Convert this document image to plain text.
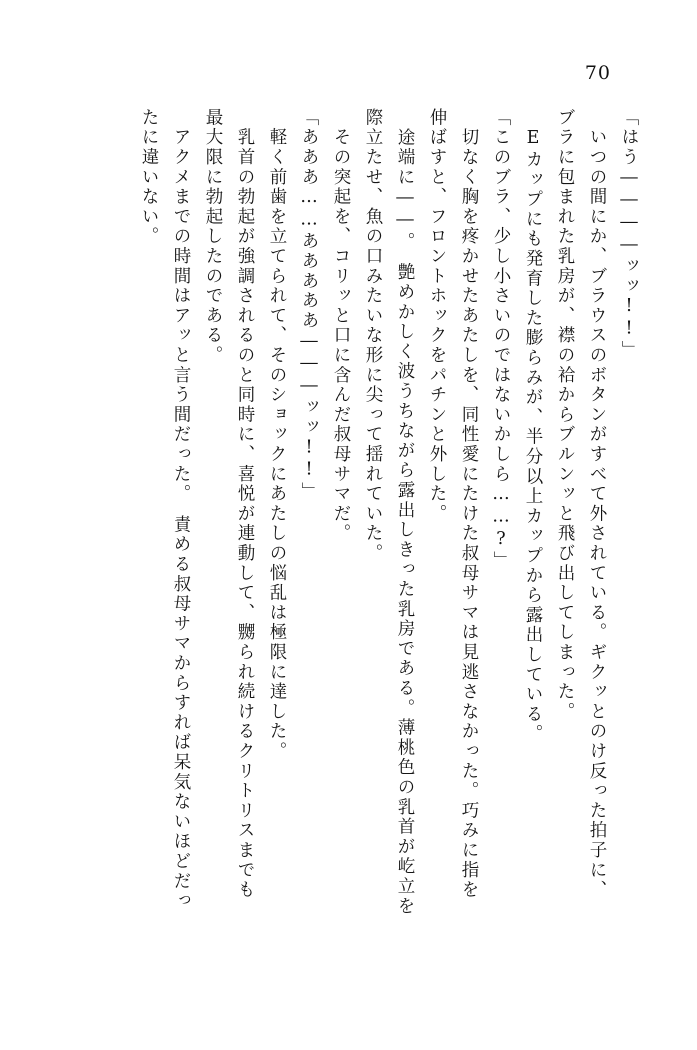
70
「はう――――ッッ!!」
　いつの間にか、ブラウスのボタンがすべて外されている。ギクッとのけ反った拍子に、
ブラに包まれた乳房が、襟の袷からブルンッと飛び出してしまった。
　Eカップにも発育した膨らみが、半分以上カップから露出している。
「このブラ、少し小さいのではないかしら……?」
　切なく胸を疼かせたあたしを、同性愛にたけた叔母サマは見逃さなかった。巧みに指を
伸ばすと、フロントホックをパチンと外した。
途端に――。　艶めかしく波うちながら露出しきった乳房である。薄桃色の乳首が屹立を
際立たせ、魚の口みたいな形に尖って揺れていた。
　その突起を、コリッと口に含んだ叔母サマだ。
「あああ……あああああ―――ッッ!!」
　軽く前歯を立てられて、そのショックにあたしの悩乱は極限に達した。
　乳首の勃起が強調されるのと同時に、喜悦が連動して、嬲られ続けるクリトリスまでも
最大限に勃起したのである。
　アクメまでの時間はアッと言う間だった。　責める叔母サマからすれば呆気ないほどだっ
たに違いない。
